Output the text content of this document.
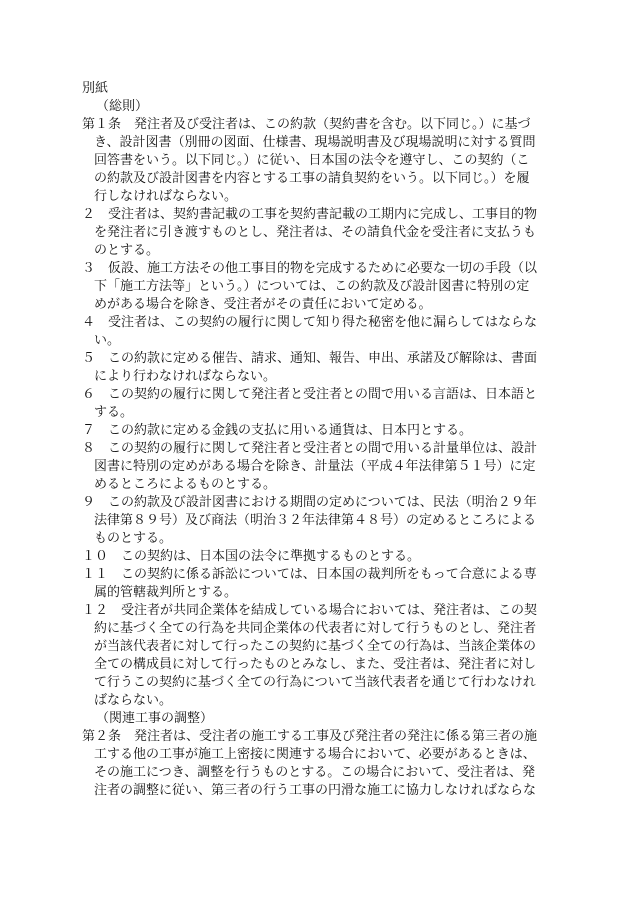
別紙
（総則）
第１条　発注者及び受注者は、この約款（契約書を含む。以下同じ。）に基づ
き、設計図書（別冊の図面、仕様書、現場説明書及び現場説明に対する質問
回答書をいう。以下同じ。）に従い、日本国の法令を遵守し、この契約（こ
の約款及び設計図書を内容とする工事の請負契約をいう。以下同じ。）を履
行しなければならない。
２　受注者は、契約書記載の工事を契約書記載の工期内に完成し、工事目的物
を発注者に引き渡すものとし、発注者は、その請負代金を受注者に支払うも
のとする。
３　仮設、施工方法その他工事目的物を完成するために必要な一切の手段（以
下「施工方法等」という。）については、この約款及び設計図書に特別の定
めがある場合を除き、受注者がその責任において定める。
４　受注者は、この契約の履行に関して知り得た秘密を他に漏らしてはならな
い。
５　この約款に定める催告、請求、通知、報告、申出、承諾及び解除は、書面
により行わなければならない。
６　この契約の履行に関して発注者と受注者との間で用いる言語は、日本語と
する。
７　この約款に定める金銭の支払に用いる通貨は、日本円とする。
８　この契約の履行に関して発注者と受注者との間で用いる計量単位は、設計
図書に特別の定めがある場合を除き、計量法（平成４年法律第５１号）に定
めるところによるものとする。
９　この約款及び設計図書における期間の定めについては、民法（明治２９年
法律第８９号）及び商法（明治３２年法律第４８号）の定めるところによる
ものとする。
１０　この契約は、日本国の法令に準拠するものとする。
１１　この契約に係る訴訟については、日本国の裁判所をもって合意による専
属的管轄裁判所とする。
１２　受注者が共同企業体を結成している場合においては、発注者は、この契
約に基づく全ての行為を共同企業体の代表者に対して行うものとし、発注者
が当該代表者に対して行ったこの契約に基づく全ての行為は、当該企業体の
全ての構成員に対して行ったものとみなし、また、受注者は、発注者に対し
て行うこの契約に基づく全ての行為について当該代表者を通じて行わなけれ
ばならない。
（関連工事の調整）
第２条　発注者は、受注者の施工する工事及び発注者の発注に係る第三者の施
工する他の工事が施工上密接に関連する場合において、必要があるときは、
その施工につき、調整を行うものとする。この場合において、受注者は、発
注者の調整に従い、第三者の行う工事の円滑な施工に協力しなければならな
